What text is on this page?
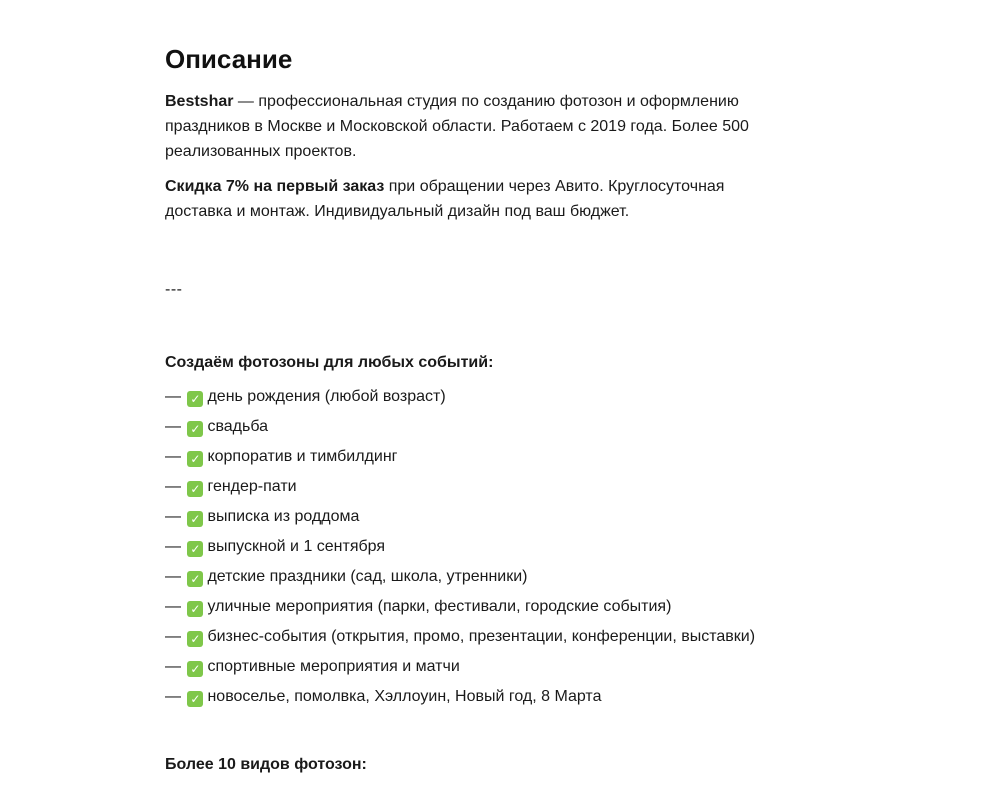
Описание

Bestshar — профессиональная студия по созданию фотозон и оформлению праздников в Москве и Московской области. Работаем с 2019 года. Более 500 реализованных проектов.

Скидка 7% на первый заказ при обращении через Авито. Круглосуточная доставка и монтаж. Индивидуальный дизайн под ваш бюджет.

---
Создаём фотозоны для любых событий:
— ✓ день рождения (любой возраст)
— ✓ свадьба
— ✓ корпоратив и тимбилдинг
— ✓ гендер-пати
— ✓ выписка из роддома
— ✓ выпускной и 1 сентября
— ✓ детские праздники (сад, школа, утренники)
— ✓ уличные мероприятия (парки, фестивали, городские события)
— ✓ бизнес-события (открытия, промо, презентации, конференции, выставки)
— ✓ спортивные мероприятия и матчи
— ✓ новоселье, помолвка, Хэллоуин, Новый год, 8 Марта
Более 10 видов фотозон:
